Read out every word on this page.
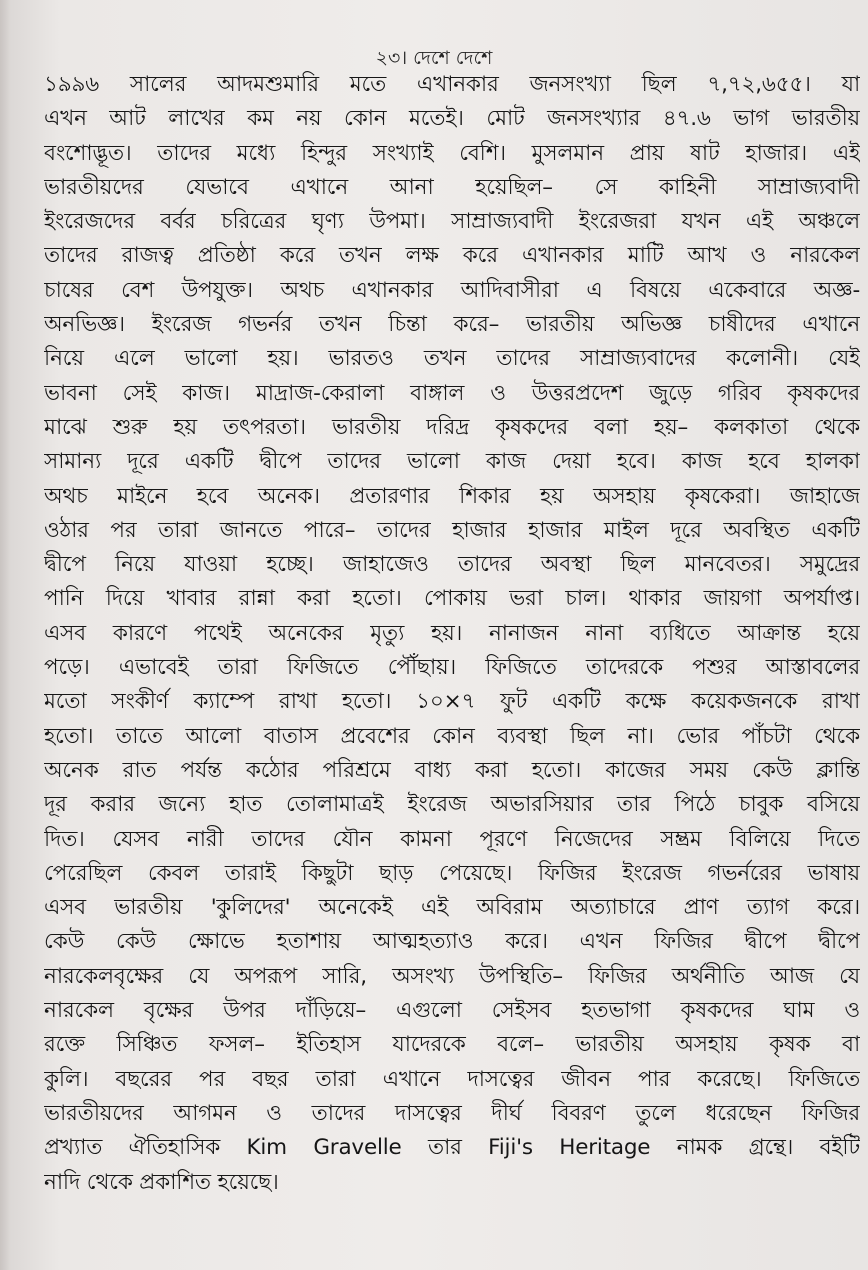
২৩। দেশে দেশে
১৯৯৬ সালের আদমশুমারি মতে এখানকার জনসংখ্যা ছিল ৭,৭২,৬৫৫। যা
এখন আট লাখের কম নয় কোন মতেই। মোট জনসংখ্যার ৪৭.৬ ভাগ ভারতীয়
বংশোদ্ভূত। তাদের মধ্যে হিন্দুর সংখ্যাই বেশি। মুসলমান প্রায় ষাট হাজার। এই
ভারতীয়দের যেভাবে এখানে আনা হয়েছিল– সে কাহিনী সাম্রাজ্যবাদী
ইংরেজদের বর্বর চরিত্রের ঘৃণ্য উপমা। সাম্রাজ্যবাদী ইংরেজরা যখন এই অঞ্চলে
তাদের রাজত্ব প্রতিষ্ঠা করে তখন লক্ষ করে এখানকার মাটি আখ ও নারকেল
চাষের বেশ উপযুক্ত। অথচ এখানকার আদিবাসীরা এ বিষয়ে একেবারে অজ্ঞ-
অনভিজ্ঞ। ইংরেজ গভর্নর তখন চিন্তা করে– ভারতীয় অভিজ্ঞ চাষীদের এখানে
নিয়ে এলে ভালো হয়। ভারতও তখন তাদের সাম্রাজ্যবাদের কলোনী। যেই
ভাবনা সেই কাজ। মাদ্রাজ-কেরালা বাঙ্গাল ও উত্তরপ্রদেশ জুড়ে গরিব কৃষকদের
মাঝে শুরু হয় তৎপরতা। ভারতীয় দরিদ্র কৃষকদের বলা হয়– কলকাতা থেকে
সামান্য দূরে একটি দ্বীপে তাদের ভালো কাজ দেয়া হবে। কাজ হবে হালকা
অথচ মাইনে হবে অনেক। প্রতারণার শিকার হয় অসহায় কৃষকেরা। জাহাজে
ওঠার পর তারা জানতে পারে– তাদের হাজার হাজার মাইল দূরে অবস্থিত একটি
দ্বীপে নিয়ে যাওয়া হচ্ছে। জাহাজেও তাদের অবস্থা ছিল মানবেতর। সমুদ্রের
পানি দিয়ে খাবার রান্না করা হতো। পোকায় ভরা চাল। থাকার জায়গা অপর্যাপ্ত।
এসব কারণে পথেই অনেকের মৃত্যু হয়। নানাজন নানা ব্যধিতে আক্রান্ত হয়ে
পড়ে। এভাবেই তারা ফিজিতে পৌঁছায়। ফিজিতে তাদেরকে পশুর আস্তাবলের
মতো সংকীর্ণ ক্যাম্পে রাখা হতো। ১০×৭ ফুট একটি কক্ষে কয়েকজনকে রাখা
হতো। তাতে আলো বাতাস প্রবেশের কোন ব্যবস্থা ছিল না। ভোর পাঁচটা থেকে
অনেক রাত পর্যন্ত কঠোর পরিশ্রমে বাধ্য করা হতো। কাজের সময় কেউ ক্লান্তি
দূর করার জন্যে হাত তোলামাত্রই ইংরেজ অভারসিয়ার তার পিঠে চাবুক বসিয়ে
দিত। যেসব নারী তাদের যৌন কামনা পূরণে নিজেদের সম্ভ্রম বিলিয়ে দিতে
পেরেছিল কেবল তারাই কিছুটা ছাড় পেয়েছে। ফিজির ইংরেজ গভর্নরের ভাষায়
এসব ভারতীয় 'কুলিদের' অনেকেই এই অবিরাম অত্যাচারে প্রাণ ত্যাগ করে।
কেউ কেউ ক্ষোভে হতাশায় আত্মহত্যাও করে। এখন ফিজির দ্বীপে দ্বীপে
নারকেলবৃক্ষের যে অপরূপ সারি, অসংখ্য উপস্থিতি– ফিজির অর্থনীতি আজ যে
নারকেল বৃক্ষের উপর দাঁড়িয়ে– এগুলো সেইসব হতভাগা কৃষকদের ঘাম ও
রক্তে সিঞ্চিত ফসল– ইতিহাস যাদেরকে বলে– ভারতীয় অসহায় কৃষক বা
কুলি। বছরের পর বছর তারা এখানে দাসত্বের জীবন পার করেছে। ফিজিতে
ভারতীয়দের আগমন ও তাদের দাসত্বের দীর্ঘ বিবরণ তুলে ধরেছেন ফিজির
প্রখ্যাত ঐতিহাসিক Kim Gravelle তার Fiji's Heritage নামক গ্রন্থে। বইটি
নাদি থেকে প্রকাশিত হয়েছে।
